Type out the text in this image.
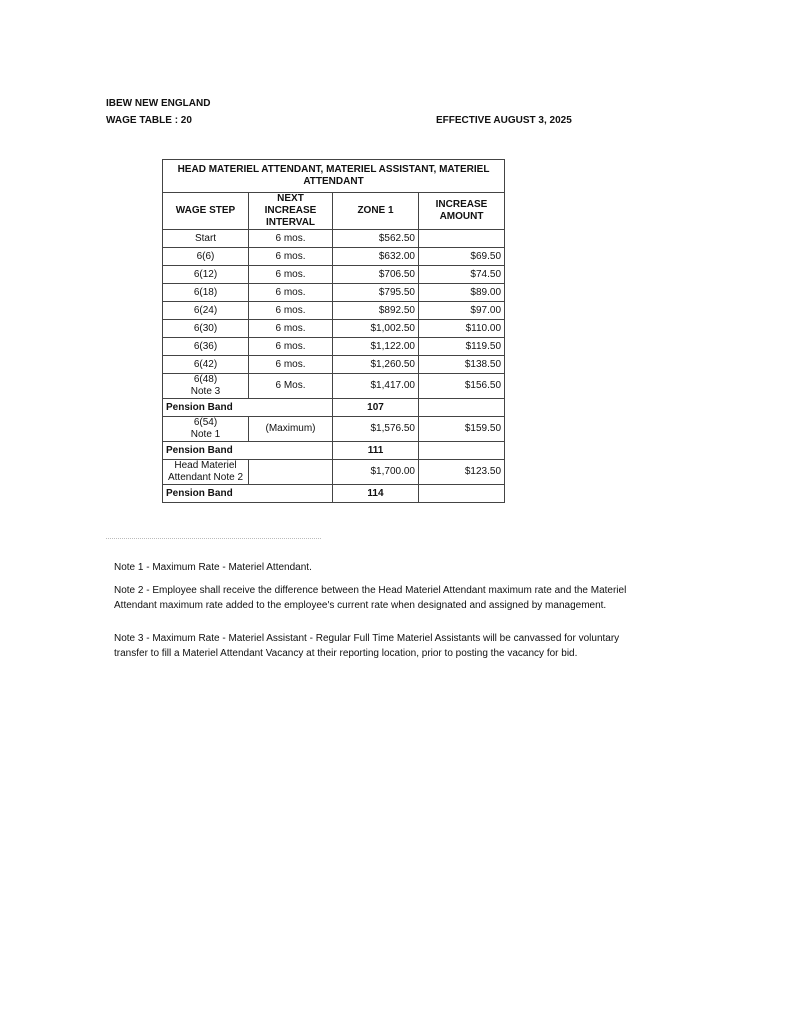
IBEW NEW ENGLAND
WAGE TABLE : 20	EFFECTIVE AUGUST 3, 2025
HEAD MATERIEL ATTENDANT, MATERIEL ASSISTANT, MATERIEL ATTENDANT			
WAGE STEP	NEXT INCREASE INTERVAL	ZONE 1	INCREASE AMOUNT
Start	6 mos.	$562.50	
6(6)	6 mos.	$632.00	$69.50
6(12)	6 mos.	$706.50	$74.50
6(18)	6 mos.	$795.50	$89.00
6(24)	6 mos.	$892.50	$97.00
6(30)	6 mos.	$1,002.50	$110.00
6(36)	6 mos.	$1,122.00	$119.50
6(42)	6 mos.	$1,260.50	$138.50

6(48)
Note 3	6 Mos.	$1,417.00	$156.50
Pension Band		107	

6(54)
Note 1	(Maximum)	$1,576.50	$159.50
Pension Band		111	

Head Materiel
Attendant Note 2		$1,700.00	$123.50
Pension Band		114	
Note 1 - Maximum Rate - Materiel Attendant.
Note 2 - Employee shall receive the difference between the Head Materiel Attendant maximum rate and the Materiel Attendant maximum rate added to the employee's current rate when designated and assigned by management.
Note 3 - Maximum Rate - Materiel Assistant - Regular Full Time Materiel Assistants will be canvassed for voluntary transfer to fill a Materiel Attendant Vacancy at their reporting location, prior to posting the vacancy for bid.
